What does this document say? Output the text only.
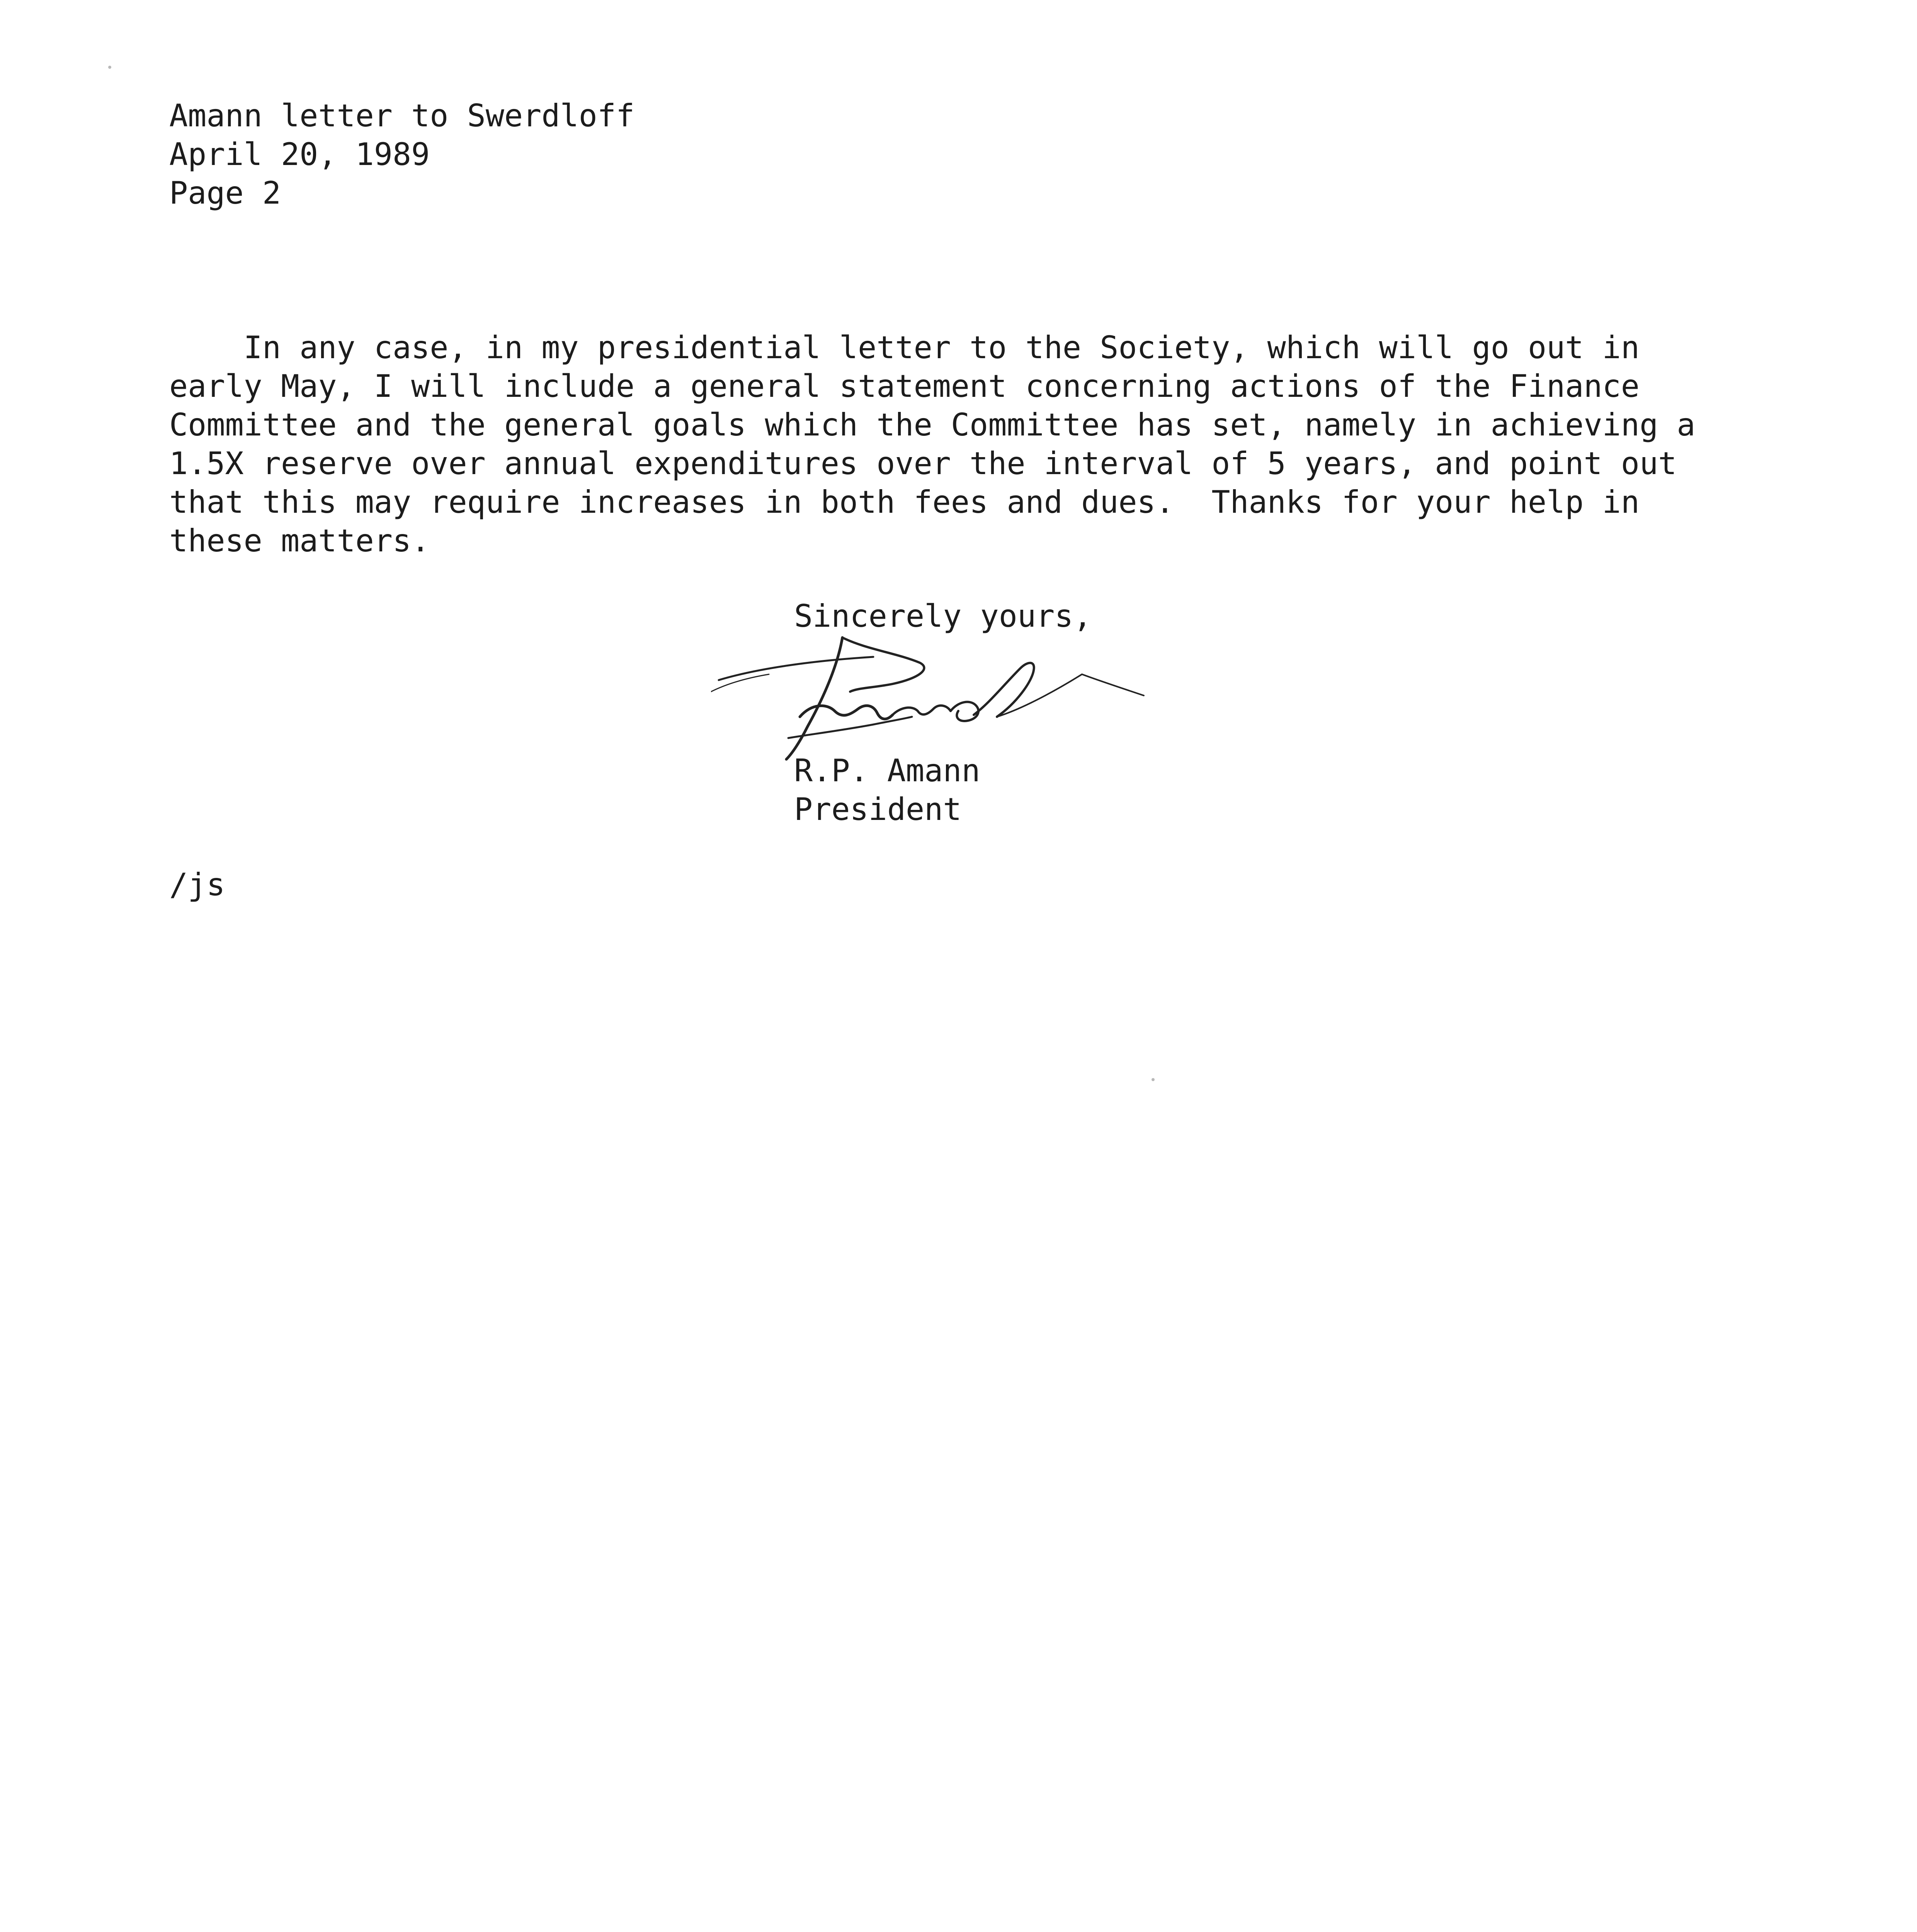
Amann letter to Swerdloff
April 20, 1989
Page 2
In any case, in my presidential letter to the Society, which will go out in
early May, I will include a general statement concerning actions of the Finance
Committee and the general goals which the Committee has set, namely in achieving a
1.5X reserve over annual expenditures over the interval of 5 years, and point out
that this may require increases in both fees and dues.  Thanks for your help in
these matters.
Sincerely yours,
R.P. Amann
President
/js
